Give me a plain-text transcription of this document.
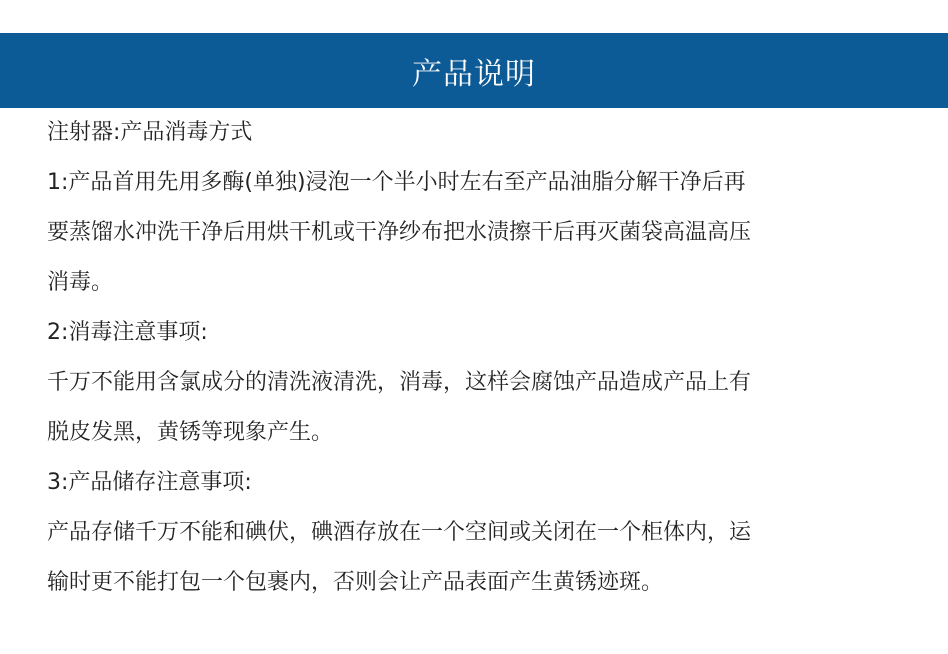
产品说明
注射器:产品消毒方式
1:产品首用先用多酶(单独)浸泡一个半小时左右至产品油脂分解干净后再
要蒸馏水冲洗干净后用烘干机或干净纱布把水渍擦干后再灭菌袋高温高压
消毒。
2:消毒注意事项:
千万不能用含氯成分的清洗液清洗，消毒，这样会腐蚀产品造成产品上有
脱皮发黑，黄锈等现象产生。
3:产品储存注意事项:
产品存储千万不能和碘伏，碘酒存放在一个空间或关闭在一个柜体内，运
输时更不能打包一个包裹内，否则会让产品表面产生黄锈迹斑。
